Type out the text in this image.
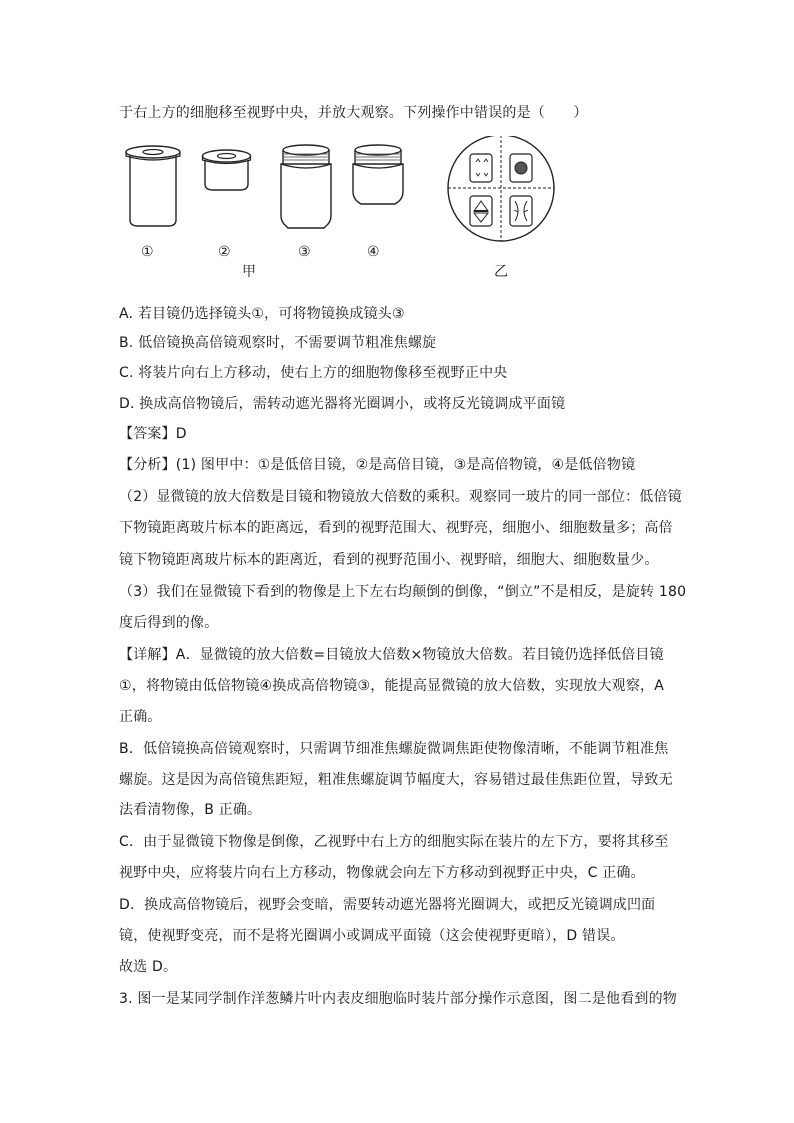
于右上方的细胞移至视野中央，并放大观察。下列操作中错误的是（　　）
①	②	③	④
甲	乙
A. 若目镜仍选择镜头①，可将物镜换成镜头③
B. 低倍镜换高倍镜观察时，不需要调节粗准焦螺旋
C. 将装片向右上方移动，使右上方的细胞物像移至视野正中央
D. 换成高倍物镜后，需转动遮光器将光圈调小，或将反光镜调成平面镜
【答案】D
【分析】(1) 图甲中：①是低倍目镜，②是高倍目镜，③是高倍物镜，④是低倍物镜
（2）显微镜的放大倍数是目镜和物镜放大倍数的乘积。观察同一玻片的同一部位：低倍镜
下物镜距离玻片标本的距离远，看到的视野范围大、视野亮，细胞小、细胞数量多；高倍
镜下物镜距离玻片标本的距离近，看到的视野范围小、视野暗，细胞大、细胞数量少。
（3）我们在显微镜下看到的物像是上下左右均颠倒的倒像，“倒立”不是相反，是旋转 180
度后得到的像。
【详解】A．显微镜的放大倍数=目镜放大倍数×物镜放大倍数。若目镜仍选择低倍目镜
①，将物镜由低倍物镜④换成高倍物镜③，能提高显微镜的放大倍数，实现放大观察，A
正确。
B．低倍镜换高倍镜观察时，只需调节细准焦螺旋微调焦距使物像清晰，不能调节粗准焦
螺旋。这是因为高倍镜焦距短，粗准焦螺旋调节幅度大，容易错过最佳焦距位置，导致无
法看清物像，B 正确。
C．由于显微镜下物像是倒像，乙视野中右上方的细胞实际在装片的左下方，要将其移至
视野中央，应将装片向右上方移动，物像就会向左下方移动到视野正中央，C 正确。
D．换成高倍物镜后，视野会变暗，需要转动遮光器将光圈调大，或把反光镜调成凹面
镜，使视野变亮，而不是将光圈调小或调成平面镜（这会使视野更暗），D 错误。
故选 D。
3. 图一是某同学制作洋葱鳞片叶内表皮细胞临时装片部分操作示意图，图二是他看到的物
